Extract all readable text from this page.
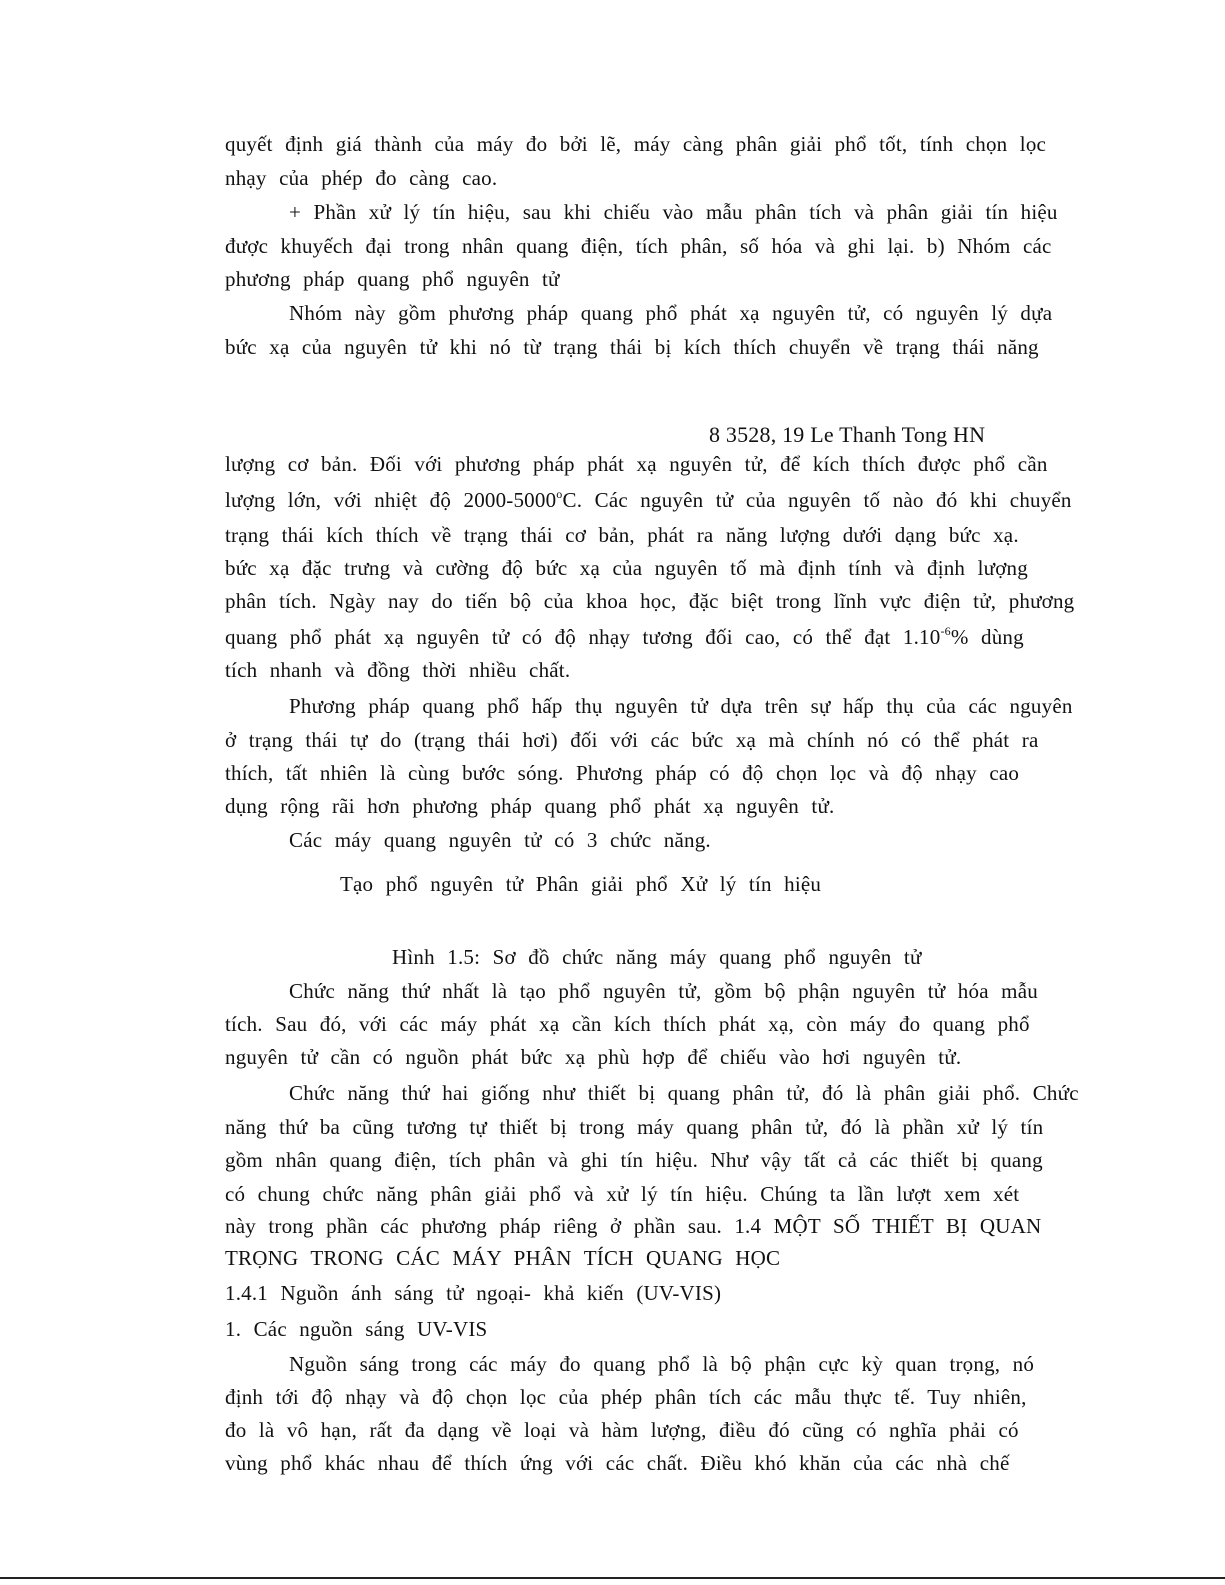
quyết định giá thành của máy đo bởi lẽ, máy càng phân giải phổ tốt, tính chọn lọc
nhạy của phép đo càng cao.
+ Phần xử lý tín hiệu, sau khi chiếu vào mẫu phân tích và phân giải tín hiệu
được khuyếch đại trong nhân quang điện, tích phân, số hóa và ghi lại. b) Nhóm các
phương pháp quang phổ nguyên tử
Nhóm này gồm phương pháp quang phổ phát xạ nguyên tử, có nguyên lý dựa
bức xạ của nguyên tử khi nó từ trạng thái bị kích thích chuyển về trạng thái năng
8 3528, 19 Le Thanh Tong HN
lượng cơ bản. Đối với phương pháp phát xạ nguyên tử, để kích thích được phổ cần
lượng lớn, với nhiệt độ 2000-5000$^o$C. Các nguyên tử của nguyên tố nào đó khi chuyển
trạng thái kích thích về trạng thái cơ bản, phát ra năng lượng dưới dạng bức xạ.
bức xạ đặc trưng và cường độ bức xạ của nguyên tố mà định tính và định lượng
phân tích. Ngày nay do tiến bộ của khoa học, đặc biệt trong lĩnh vực điện tử, phương
quang phổ phát xạ nguyên tử có độ nhạy tương đối cao, có thể đạt $1.10^{-6}\%$ dùng
tích nhanh và đồng thời nhiều chất.
Phương pháp quang phổ hấp thụ nguyên tử dựa trên sự hấp thụ của các nguyên
ở trạng thái tự do (trạng thái hơi) đối với các bức xạ mà chính nó có thể phát ra
thích, tất nhiên là cùng bước sóng. Phương pháp có độ chọn lọc và độ nhạy cao
dụng rộng rãi hơn phương pháp quang phổ phát xạ nguyên tử.
Các máy quang nguyên tử có 3 chức năng.
Tạo phổ nguyên tử Phân giải phổ Xử lý tín hiệu
Hình 1.5: Sơ đồ chức năng máy quang phổ nguyên tử
Chức năng thứ nhất là tạo phổ nguyên tử, gồm bộ phận nguyên tử hóa mẫu
tích. Sau đó, với các máy phát xạ cần kích thích phát xạ, còn máy đo quang phổ
nguyên tử cần có nguồn phát bức xạ phù hợp để chiếu vào hơi nguyên tử.
Chức năng thứ hai giống như thiết bị quang phân tử, đó là phân giải phổ. Chức
năng thứ ba cũng tương tự thiết bị trong máy quang phân tử, đó là phần xử lý tín
gồm nhân quang điện, tích phân và ghi tín hiệu. Như vậy tất cả các thiết bị quang
có chung chức năng phân giải phổ và xử lý tín hiệu. Chúng ta lần lượt xem xét
này trong phần các phương pháp riêng ở phần sau. 1.4 MỘT SỐ THIẾT BỊ QUAN
TRỌNG TRONG CÁC MÁY PHÂN TÍCH QUANG HỌC
1.4.1 Nguồn ánh sáng tử ngoại- khả kiến (UV-VIS)
1. Các nguồn sáng UV-VIS
Nguồn sáng trong các máy đo quang phổ là bộ phận cực kỳ quan trọng, nó
định tới độ nhạy và độ chọn lọc của phép phân tích các mẫu thực tế. Tuy nhiên,
đo là vô hạn, rất đa dạng về loại và hàm lượng, điều đó cũng có nghĩa phải có
vùng phổ khác nhau để thích ứng với các chất. Điều khó khăn của các nhà chế
